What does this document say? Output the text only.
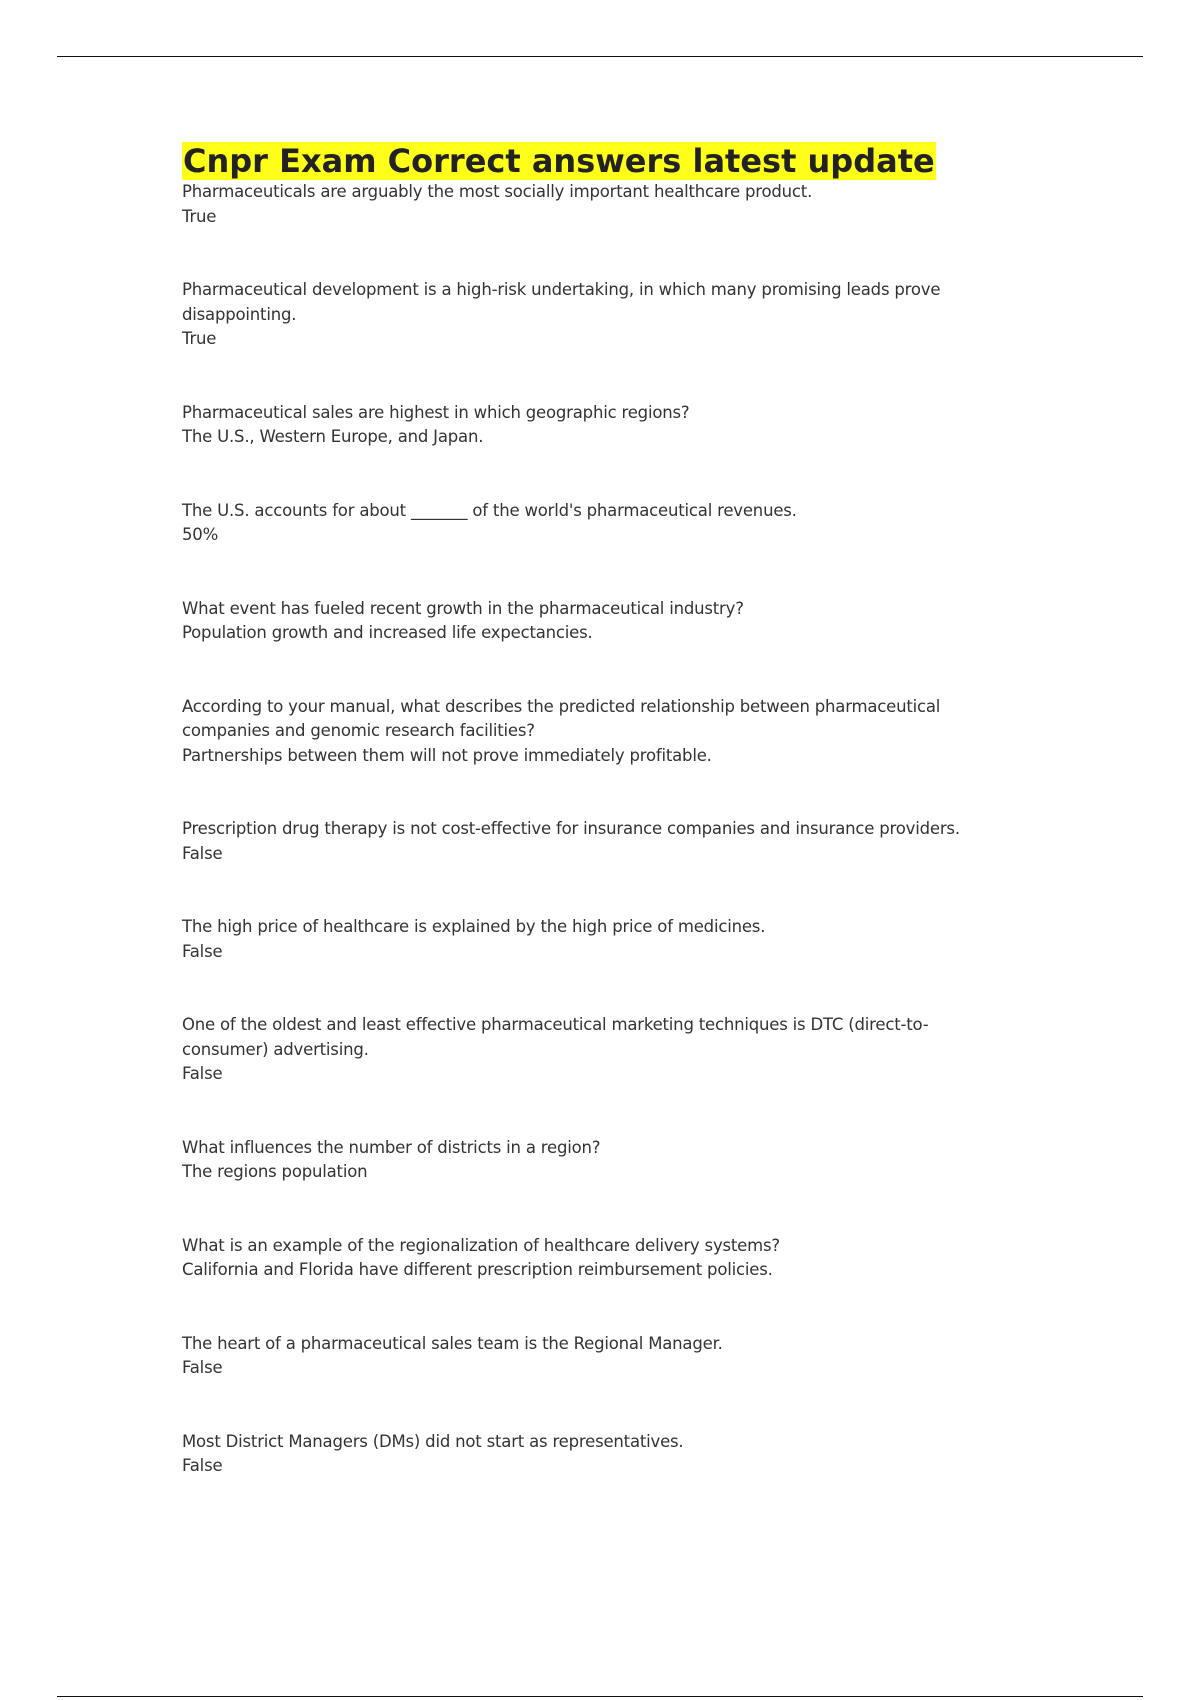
Cnpr Exam Correct answers latest update
Pharmaceuticals are arguably the most socially important healthcare product.
True
Pharmaceutical development is a high-risk undertaking, in which many promising leads prove disappointing.
True
Pharmaceutical sales are highest in which geographic regions?
The U.S., Western Europe, and Japan.
The U.S. accounts for about _______ of the world's pharmaceutical revenues.
50%
What event has fueled recent growth in the pharmaceutical industry?
Population growth and increased life expectancies.
According to your manual, what describes the predicted relationship between pharmaceutical companies and genomic research facilities?
Partnerships between them will not prove immediately profitable.
Prescription drug therapy is not cost-effective for insurance companies and insurance providers.
False
The high price of healthcare is explained by the high price of medicines.
False
One of the oldest and least effective pharmaceutical marketing techniques is DTC (direct-to-consumer) advertising.
False
What influences the number of districts in a region?
The regions population
What is an example of the regionalization of healthcare delivery systems?
California and Florida have different prescription reimbursement policies.
The heart of a pharmaceutical sales team is the Regional Manager.
False
Most District Managers (DMs) did not start as representatives.
False
